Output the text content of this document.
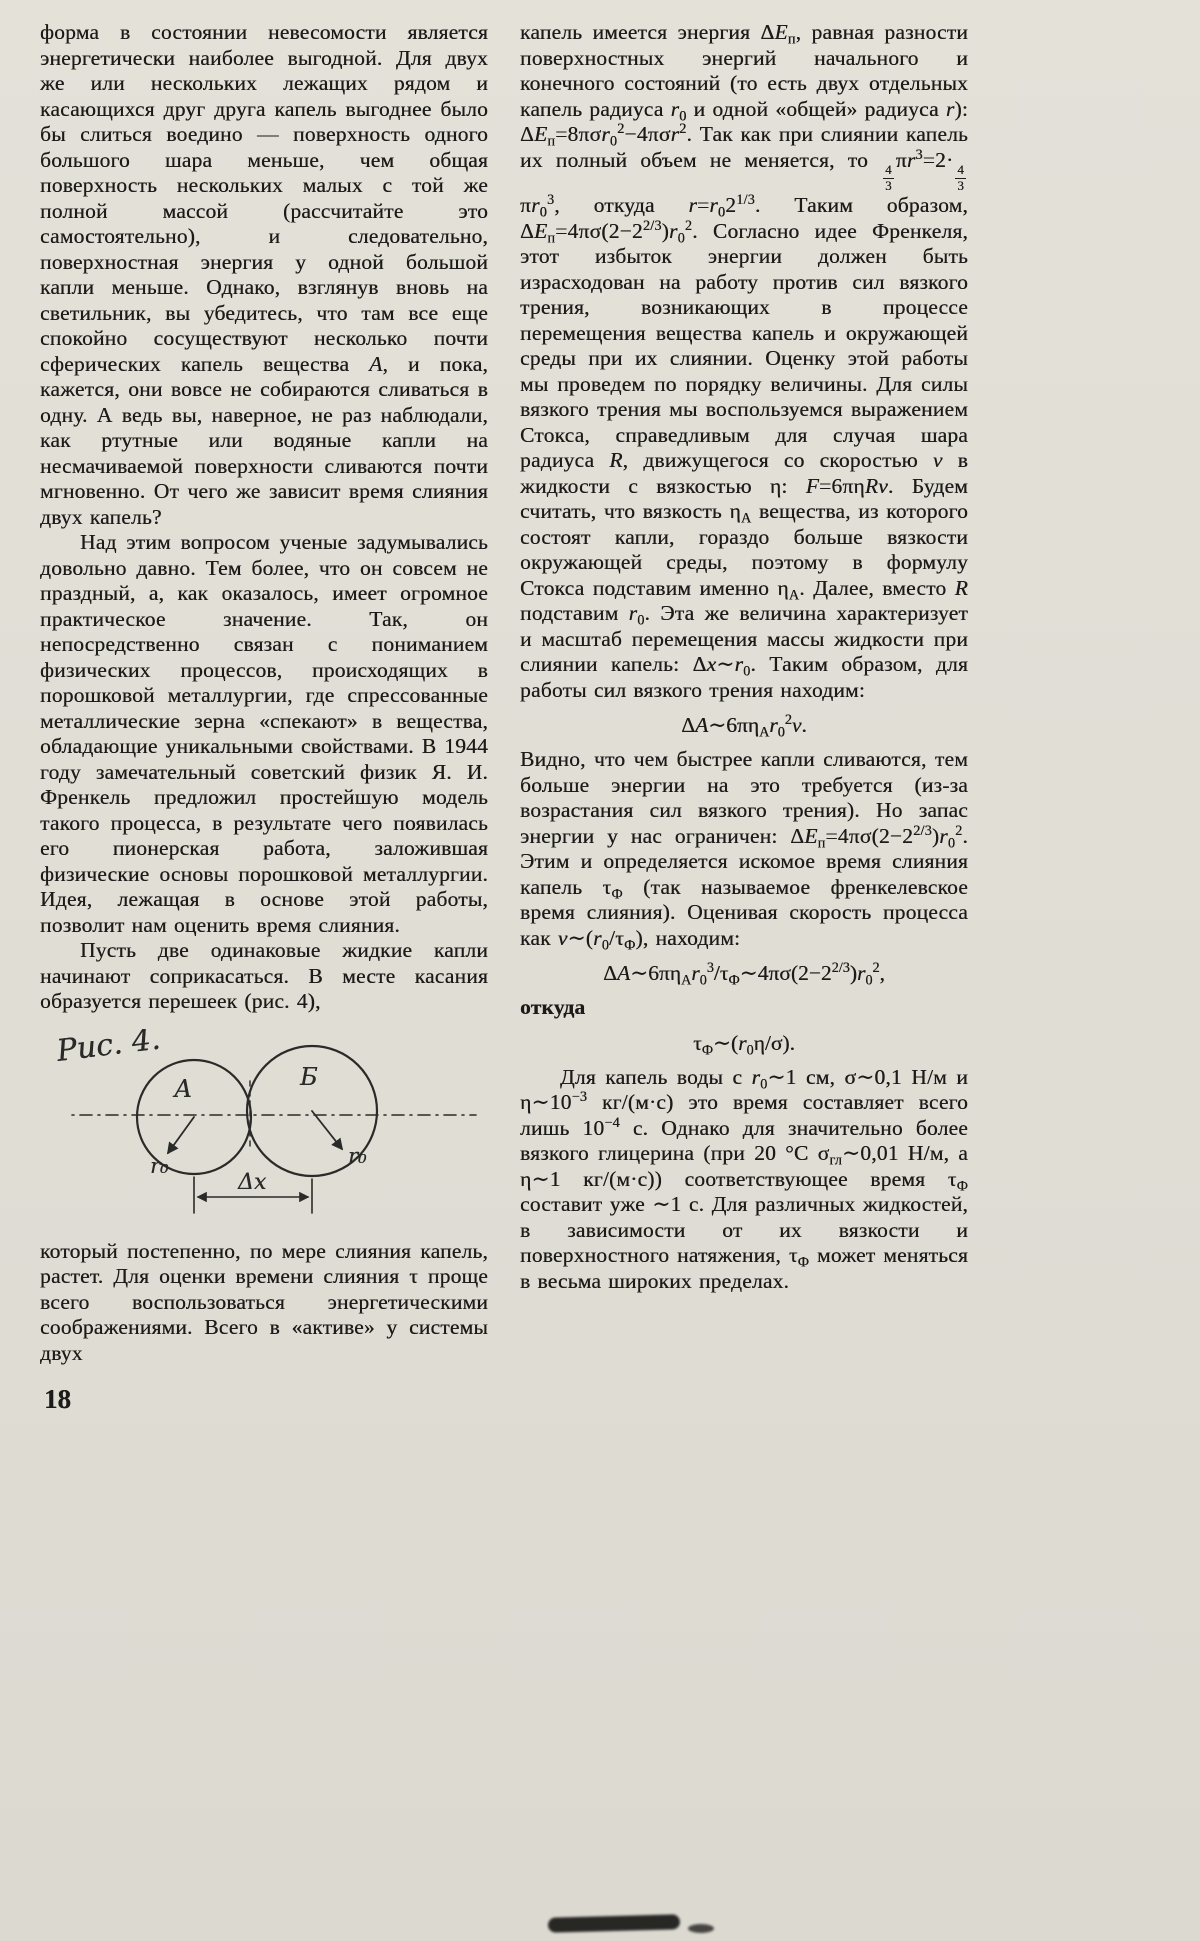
форма в состоянии невесомости является энергетически наиболее выгодной. Для двух же или нескольких лежащих рядом и касающихся друг друга капель выгоднее было бы слиться воедино — поверхность одного большого шара меньше, чем общая поверхность нескольких малых с той же полной массой (рассчитайте это самостоятельно), и следовательно, поверхностная энергия у одной большой капли меньше. Однако, взглянув вновь на светильник, вы убедитесь, что там все еще спокойно сосуществуют несколько почти сферических капель вещества А, и пока, кажется, они вовсе не собираются сливаться в одну. А ведь вы, наверное, не раз наблюдали, как ртутные или водяные капли на несмачиваемой поверхности сливаются почти мгновенно. От чего же зависит время слияния двух капель?

Над этим вопросом ученые задумывались довольно давно. Тем более, что он совсем не праздный, а, как оказалось, имеет огромное практическое значение. Так, он непосредственно связан с пониманием физических процессов, происходящих в порошковой металлургии, где спрессованные металлические зерна «спекают» в вещества, обладающие уникальными свойствами. В 1944 году замечательный советский физик Я. И. Френкель предложил простейшую модель такого процесса, в результате чего появилась его пионерская работа, заложившая физические основы порошковой металлургии. Идея, лежащая в основе этой работы, позволит нам оценить время слияния.

Пусть две одинаковые жидкие капли начинают соприкасаться. В месте касания образуется перешеек (рис. 4),

Рис. 4.
А	Б
r₀	r₀
Δx

который постепенно, по мере слияния капель, растет. Для оценки времени слияния τ проще всего воспользоваться энергетическими соображениями. Всего в «активе» у системы двух

капель имеется энергия $\Delta E_п$, равная разности поверхностных энергий начального и конечного состояний (то есть двух отдельных капель радиуса $r_0$ и одной «общей» радиуса r): $\Delta E_п=8\pi\sigma r_0^2-4\pi\sigma r^2$. Так как при слиянии капель их полный объем не меняется, то
$\frac{4}{3}$
$\pi r^3=2\cdot$
$\frac{4}{3}$
$\pi r_0^3$, откуда $r=r_02^{1/3}$. Таким образом, $\Delta E_п=4\pi\sigma(2-2^{2/3})r_0^2$. Согласно идее Френкеля, этот избыток энергии должен быть израсходован на работу против сил вязкого трения, возникающих в процессе перемещения вещества капель и окружающей среды при их слиянии. Оценку этой работы мы проведем по порядку величины. Для силы вязкого трения мы воспользуемся выражением Стокса, справедливым для случая шара радиуса R, движущегося со скоростью v в жидкости с вязкостью η: F=6πηRv. Будем считать, что вязкость $\eta_А$ вещества, из которого состоят капли, гораздо больше вязкости окружающей среды, поэтому в формулу Стокса подставим именно $\eta_А$. Далее, вместо R подставим $r_0$. Эта же величина характеризует и масштаб перемещения массы жидкости при слиянии капель: $\Delta x\sim r_0$. Таким образом, для работы сил вязкого трения находим:

$\Delta A\sim 6\pi\eta_Аr_0^2v$.

Видно, что чем быстрее капли сливаются, тем больше энергии на это требуется (из-за возрастания сил вязкого трения). Но запас энергии у нас ограничен: $\Delta E_п=4\pi\sigma(2-2^{2/3})r_0^2$. Этим и определяется искомое время слияния капель $\tau_Ф$ (так называемое френкелевское время слияния). Оценивая скорость процесса как $v\sim(r_0/\tau_Ф)$, находим:

$\Delta A\sim 6\pi\eta_Аr_0^3/\tau_Ф\sim 4\pi\sigma(2-2^{2/3})r_0^2$,

откуда

$\tau_Ф\sim(r_0\eta/\sigma)$.

Для капель воды с $r_0\sim 1$ см, σ∼0,1 Н/м и $\eta\sim 10^{-3}$ кг/(м·с) это время составляет всего лишь $10^{-4}$ с. Однако для значительно более вязкого глицерина (при 20 °С $\sigma_{гл}\sim 0,01$ Н/м, а η∼1 кг/(м·с)) соответствующее время $\tau_Ф$ составит уже ∼1 с. Для различных жидкостей, в зависимости от их вязкости и поверхностного натяжения, $\tau_Ф$ может меняться в весьма широких пределах.

18
